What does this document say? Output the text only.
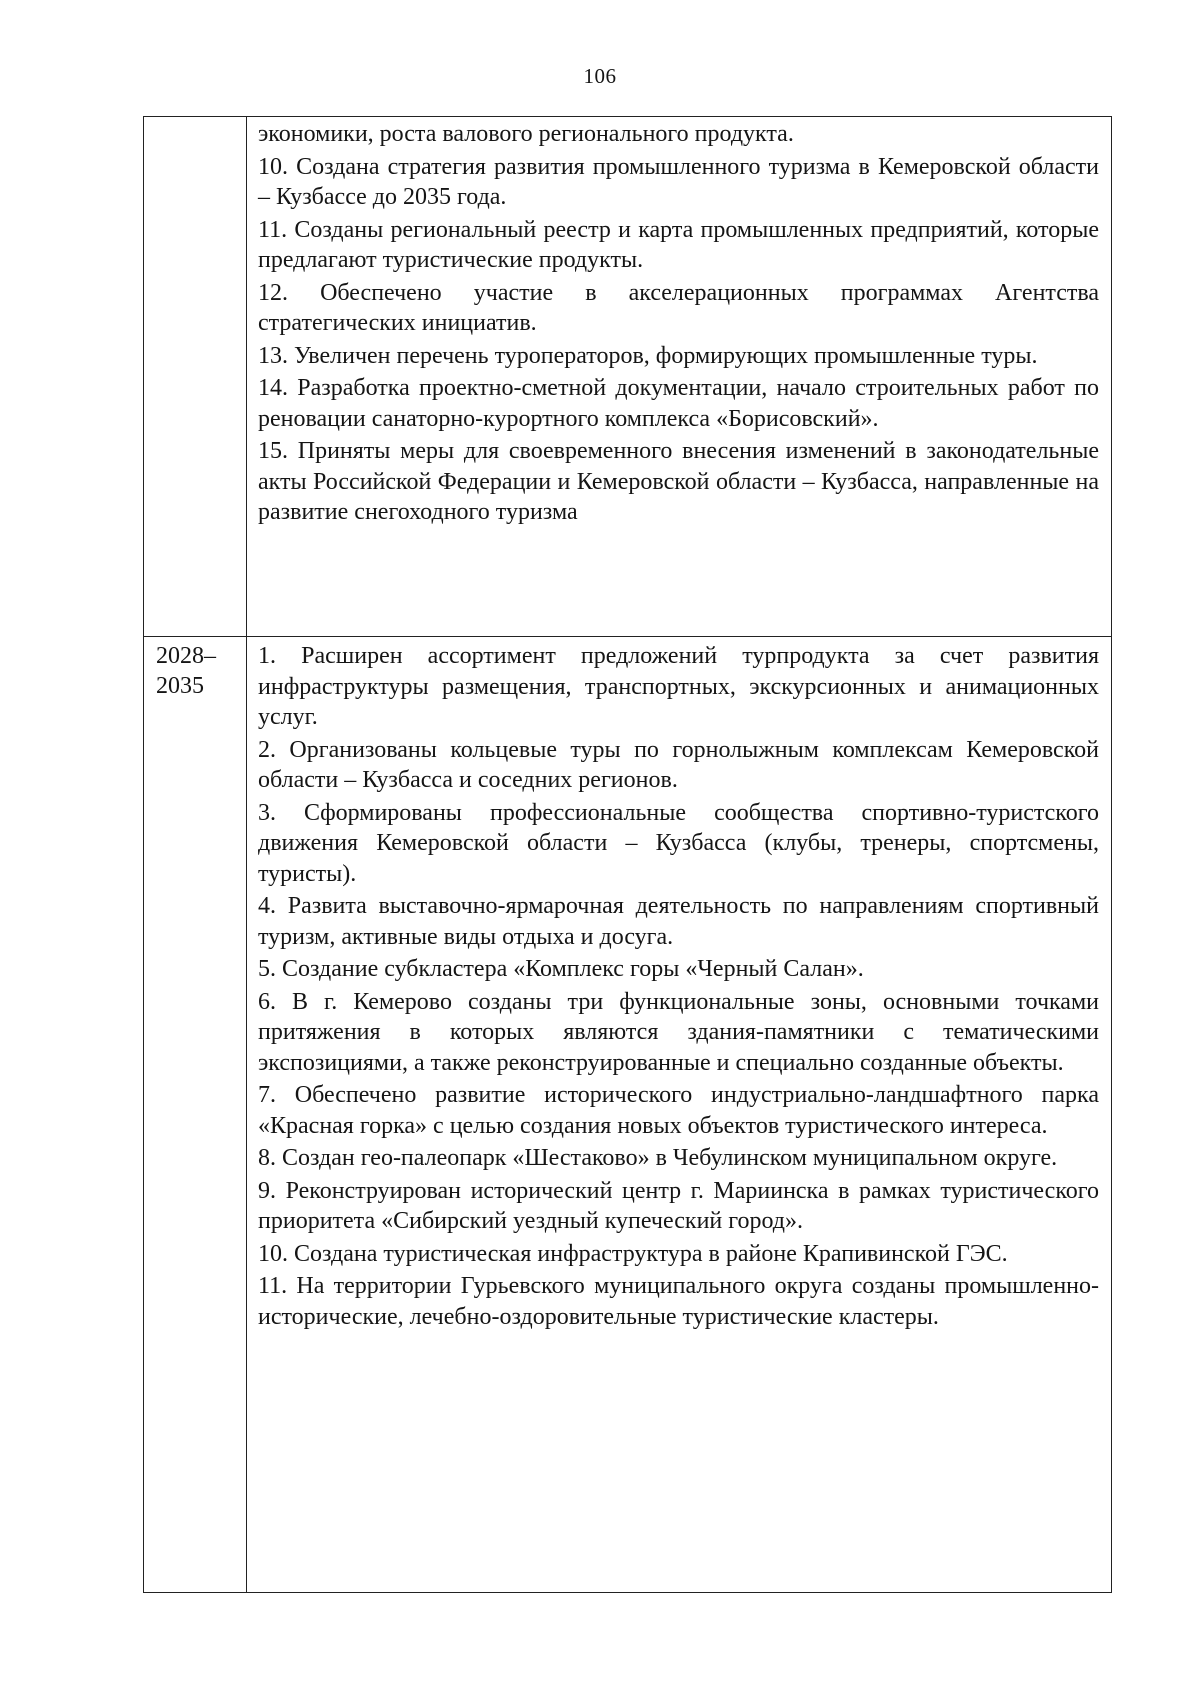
106

экономики, роста валового регионального продукта.

10. Создана стратегия развития промышленного туризма в Кемеровской области – Кузбассе до 2035 года.

11. Созданы региональный реестр и карта промышленных предприятий, которые предлагают туристические продукты.

12. Обеспечено участие в акселерационных программах Агентства стратегических инициатив.

13. Увеличен перечень туроператоров, формирующих промышленные туры.

14. Разработка проектно-сметной документации, начало строительных работ по реновации санаторно-курортного комплекса «Борисовский».

15. Приняты меры для своевременного внесения изменений в законодательные акты Российской Федерации и Кемеровской области – Кузбасса, направленные на развитие снегоходного туризма

2028–
2035

1. Расширен ассортимент предложений турпродукта за счет развития инфраструктуры размещения, транспортных, экскурсионных и анимационных услуг.

2. Организованы кольцевые туры по горнолыжным комплексам Кемеровской области – Кузбасса и соседних регионов.

3. Сформированы профессиональные сообщества спортивно-туристского движения Кемеровской области – Кузбасса (клубы, тренеры, спортсмены, туристы).

4. Развита выставочно-ярмарочная деятельность по направлениям спортивный туризм, активные виды отдыха и досуга.

5. Создание субкластера «Комплекс горы «Черный Салан».

6. В г. Кемерово созданы три функциональные зоны, основными точками притяжения в которых являются здания-памятники с тематическими экспозициями, а также реконструированные и специально созданные объекты.

7. Обеспечено развитие исторического индустриально-ландшафтного парка «Красная горка» с целью создания новых объектов туристического интереса.

8. Создан гео-палеопарк «Шестаково» в Чебулинском муниципальном округе.

9. Реконструирован исторический центр г. Мариинска в рамках туристического приоритета «Сибирский уездный купеческий город».

10. Создана туристическая инфраструктура в районе Крапивинской ГЭС.

11. На территории Гурьевского муниципального округа созданы промышленно-исторические, лечебно-оздоровительные туристические кластеры.
